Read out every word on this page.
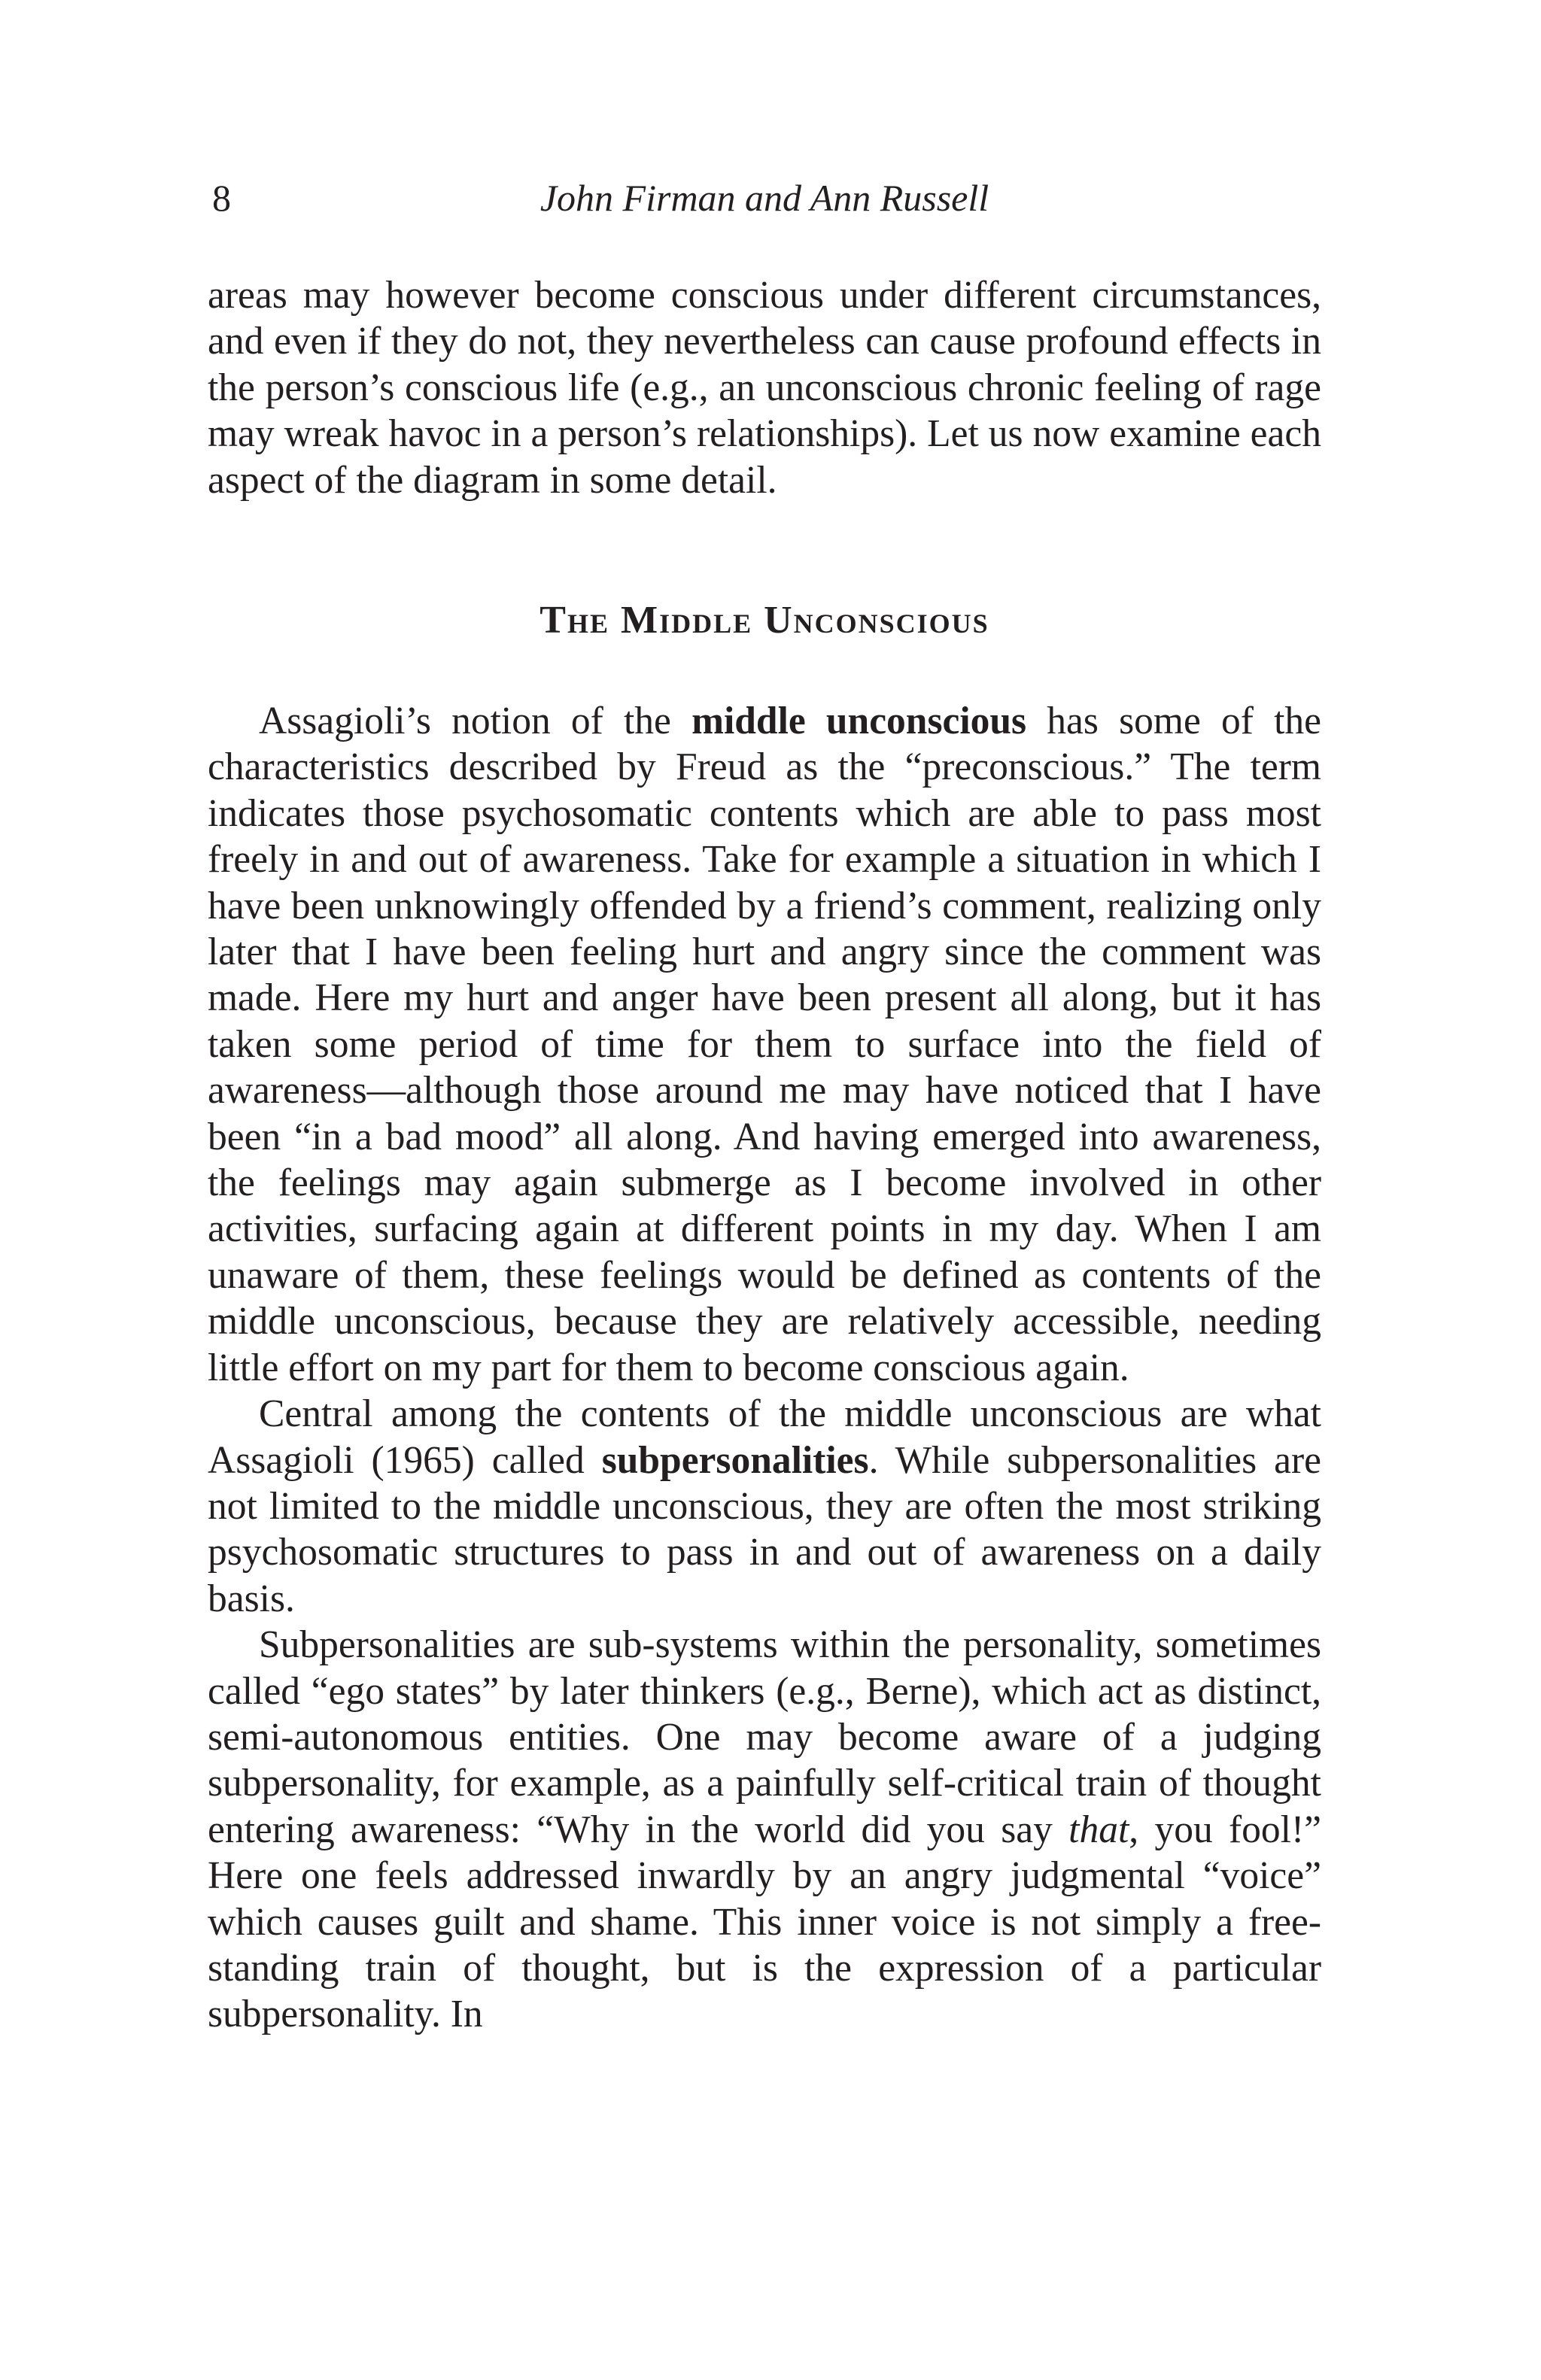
8	John Firman and Ann Russell

areas may however become conscious under different circumstances, and even if they do not, they nevertheless can cause profound effects in the person’s conscious life (e.g., an unconscious chronic feeling of rage may wreak havoc in a person’s relationships). Let us now examine each aspect of the diagram in some detail.

The Middle Unconscious

Assagioli’s notion of the middle unconscious has some of the characteristics described by Freud as the “preconscious.” The term indicates those psychosomatic contents which are able to pass most freely in and out of awareness. Take for example a situation in which I have been unknowingly offended by a friend’s comment, realizing only later that I have been feeling hurt and angry since the comment was made. Here my hurt and anger have been present all along, but it has taken some period of time for them to surface into the field of awareness—although those around me may have noticed that I have been “in a bad mood” all along. And having emerged into awareness, the feelings may again submerge as I become involved in other activities, surfacing again at different points in my day. When I am unaware of them, these feelings would be defined as contents of the middle unconscious, because they are relatively accessible, needing little effort on my part for them to become conscious again.

Central among the contents of the middle unconscious are what Assagioli (1965) called subpersonalities. While subpersonalities are not limited to the middle unconscious, they are often the most striking psychosomatic structures to pass in and out of awareness on a daily basis.

Subpersonalities are sub-systems within the personality, sometimes called “ego states” by later thinkers (e.g., Berne), which act as distinct, semi-autonomous entities. One may become aware of a judging subpersonality, for example, as a painfully self-critical train of thought entering awareness: “Why in the world did you say that, you fool!” Here one feels addressed inwardly by an angry judgmental “voice” which causes guilt and shame. This inner voice is not simply a free-standing train of thought, but is the expression of a particular subpersonality. In
